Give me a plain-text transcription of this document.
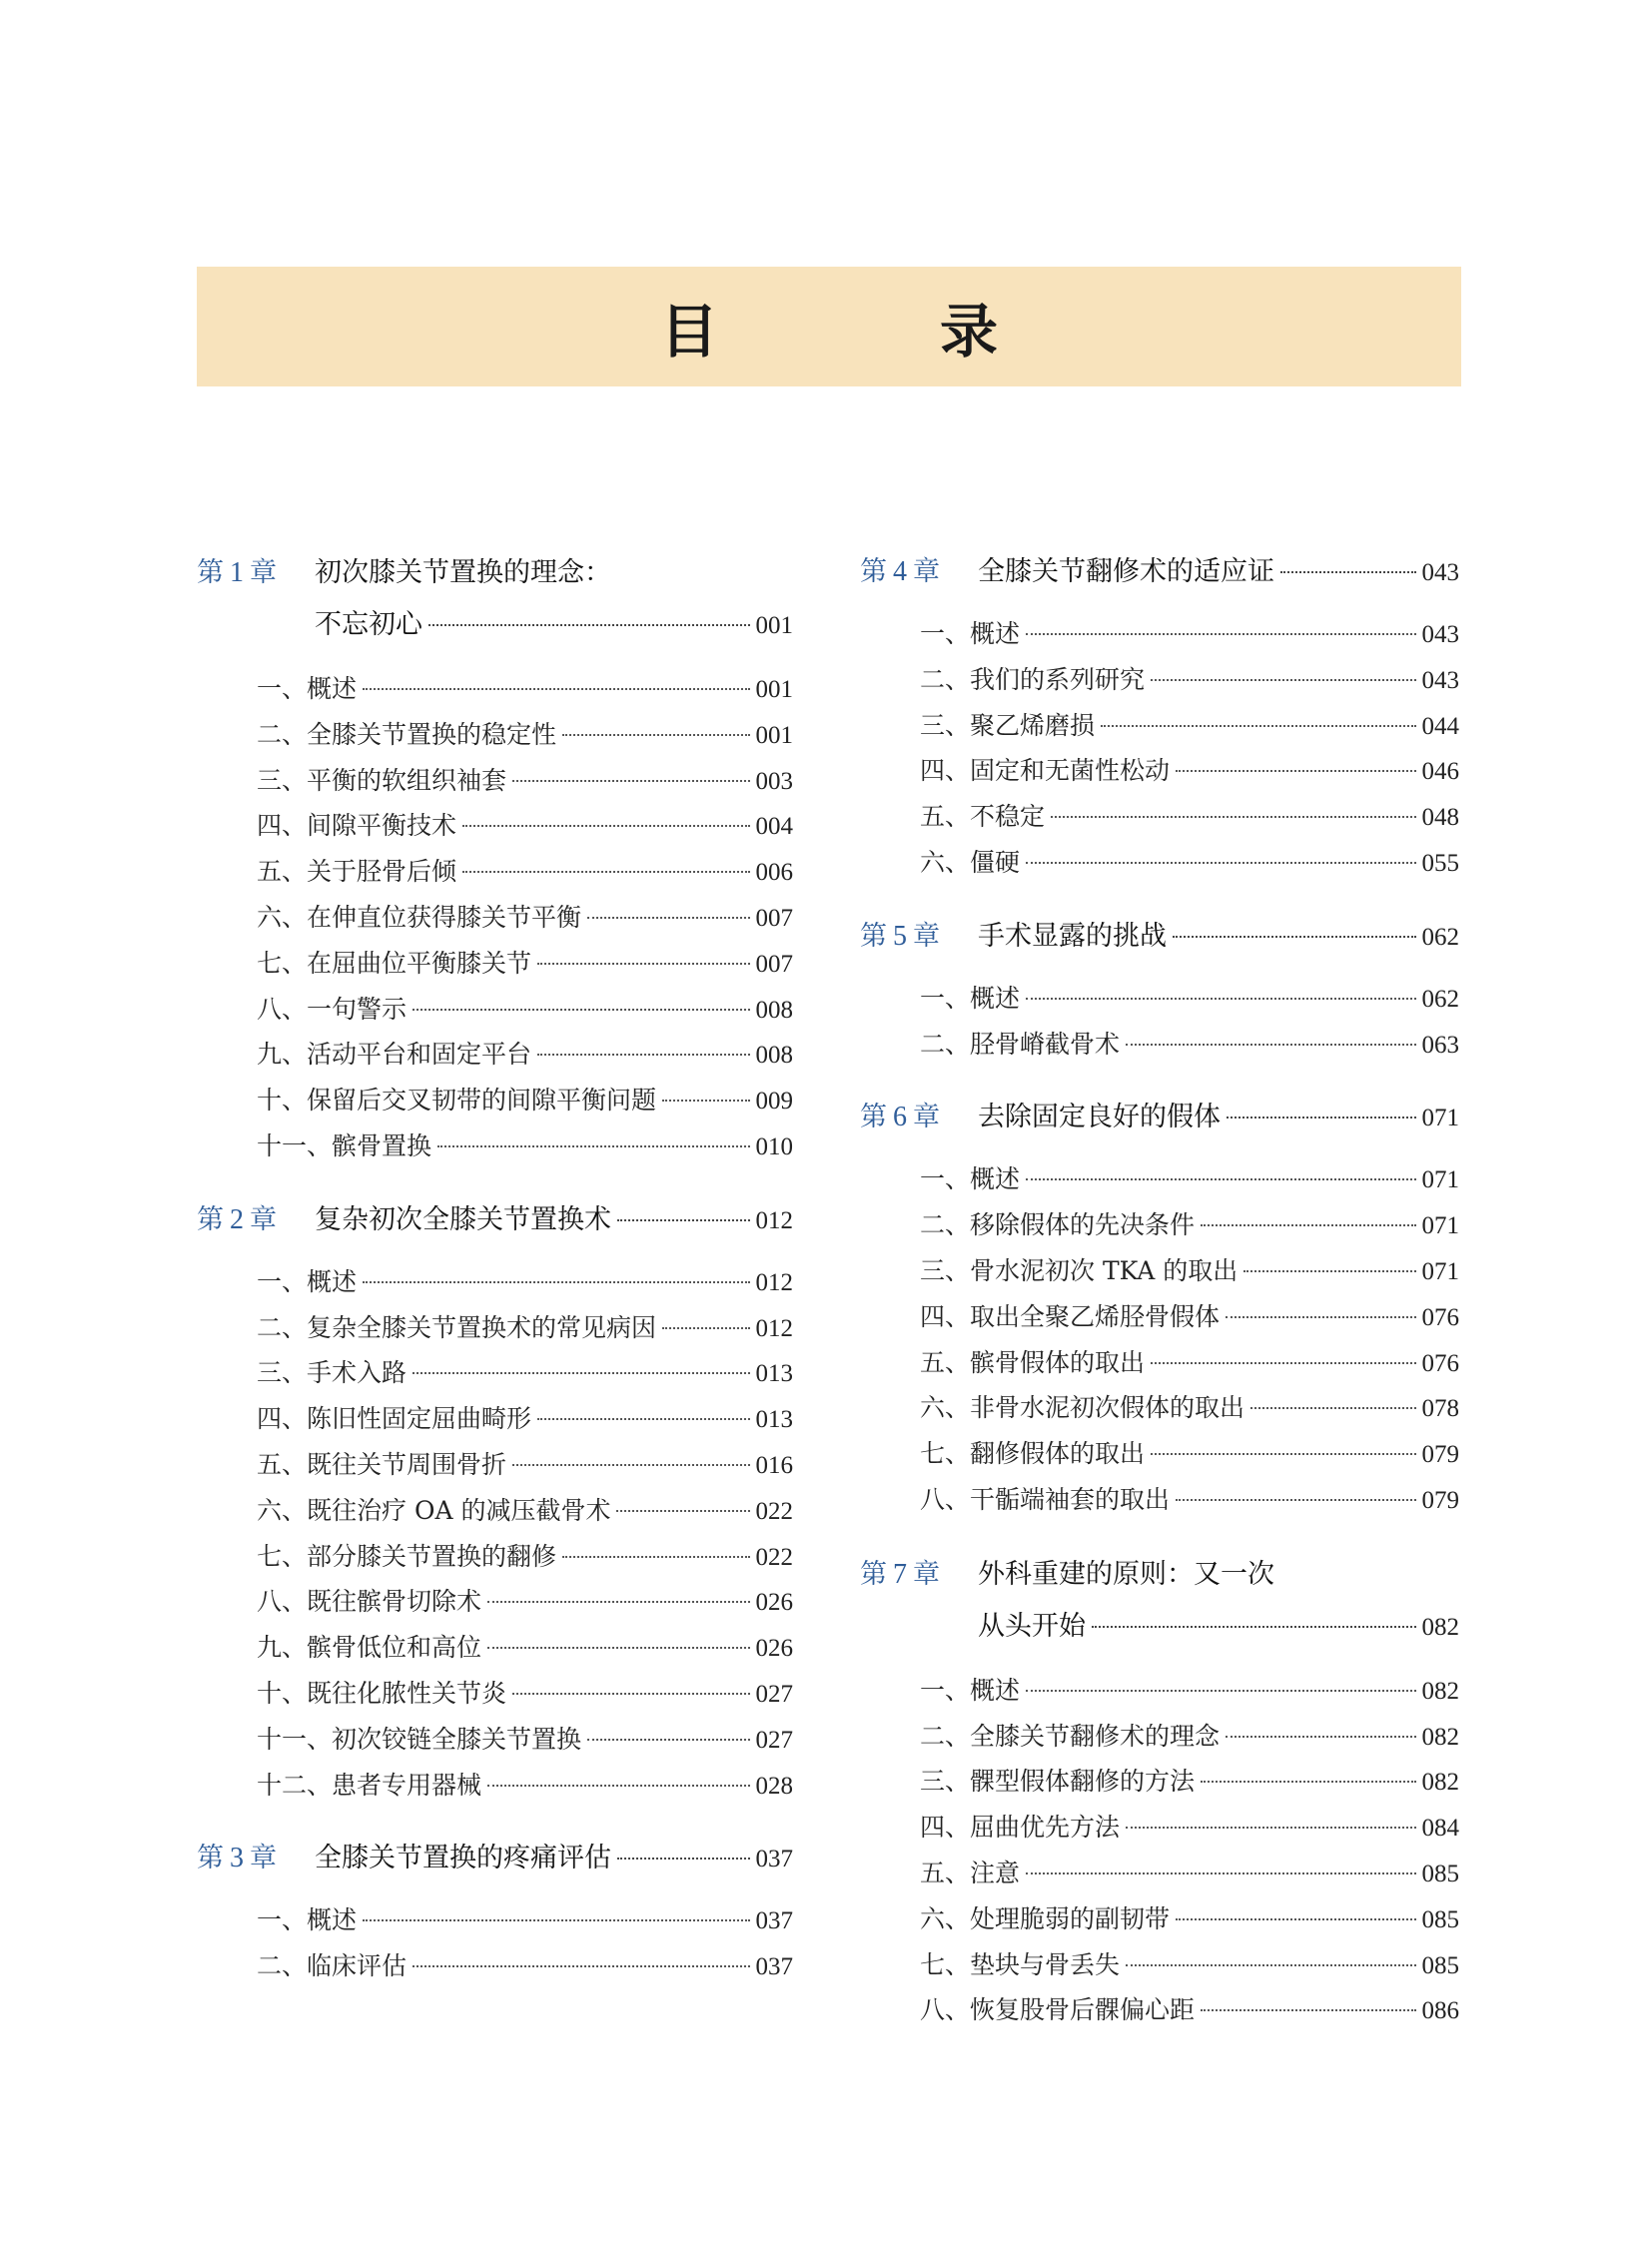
目　录
第 1 章	初次膝关节置换的理念：
不忘初心	001
一、概述	001
二、全膝关节置换的稳定性	001
三、平衡的软组织袖套	003
四、间隙平衡技术	004
五、关于胫骨后倾	006
六、在伸直位获得膝关节平衡	007
七、在屈曲位平衡膝关节	007
八、一句警示	008
九、活动平台和固定平台	008
十、保留后交叉韧带的间隙平衡问题	009
十一、髌骨置换	010
第 2 章	复杂初次全膝关节置换术	012
一、概述	012
二、复杂全膝关节置换术的常见病因	012
三、手术入路	013
四、陈旧性固定屈曲畸形	013
五、既往关节周围骨折	016
六、既往治疗 OA 的减压截骨术	022
七、部分膝关节置换的翻修	022
八、既往髌骨切除术	026
九、髌骨低位和高位	026
十、既往化脓性关节炎	027
十一、初次铰链全膝关节置换	027
十二、患者专用器械	028
第 3 章	全膝关节置换的疼痛评估	037
一、概述	037
二、临床评估	037
第 4 章	全膝关节翻修术的适应证	043
一、概述	043
二、我们的系列研究	043
三、聚乙烯磨损	044
四、固定和无菌性松动	046
五、不稳定	048
六、僵硬	055
第 5 章	手术显露的挑战	062
一、概述	062
二、胫骨嵴截骨术	063
第 6 章	去除固定良好的假体	071
一、概述	071
二、移除假体的先决条件	071
三、骨水泥初次 TKA 的取出	071
四、取出全聚乙烯胫骨假体	076
五、髌骨假体的取出	076
六、非骨水泥初次假体的取出	078
七、翻修假体的取出	079
八、干骺端袖套的取出	079
第 7 章	外科重建的原则：又一次
从头开始	082
一、概述	082
二、全膝关节翻修术的理念	082
三、髁型假体翻修的方法	082
四、屈曲优先方法	084
五、注意	085
六、处理脆弱的副韧带	085
七、垫块与骨丢失	085
八、恢复股骨后髁偏心距	086
